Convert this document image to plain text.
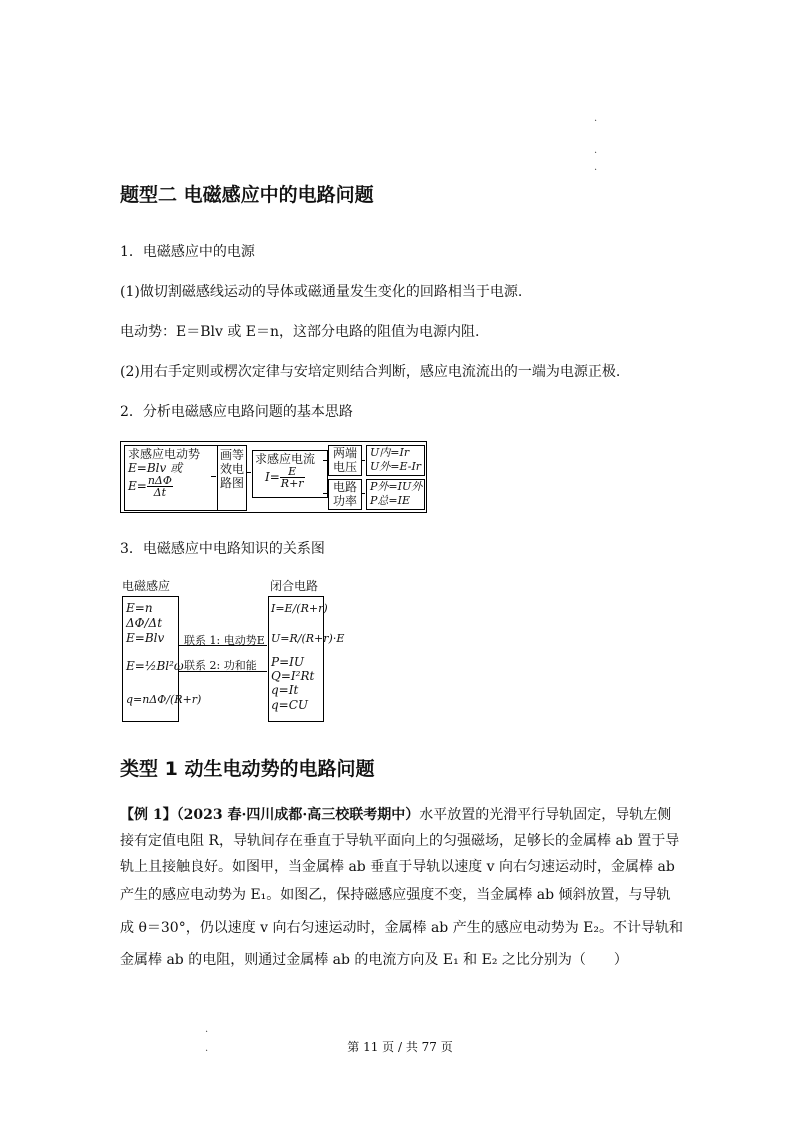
·
·
·
·
·
题型二 电磁感应中的电路问题
1．电磁感应中的电源
(1)做切割磁感线运动的导体或磁通量发生变化的回路相当于电源.
电动势：E＝Blv 或 E＝n，这部分电路的阻值为电源内阻.
(2)用右手定则或楞次定律与安培定则结合判断，感应电流流出的一端为电源正极.
2．分析电磁感应电路问题的基本思路
求感应电动势
E=Blv 或
$E= \frac{\text{nΔΦ}}{\Delta t}$
画等
效电
路图
求感应电流
$I= \frac{E}{R+r}$
两端
电压
电路
功率
U内=Ir
U外=E-Ir
P外=IU外
P总=IE
3．电磁感应中电路知识的关系图
电磁感应	闭合电路
E=n ΔΦ/Δt
E=Blv
E=½Bl²ω
q=nΔΦ/(R+r)
I=E/(R+r)
U=R/(R+r)·E
P=IU
Q=I²Rt
q=It
q=CU
联系 1: 电动势E
联系 2: 功和能
类型 1 动生电动势的电路问题
【例 1】（2023 春·四川成都·高三校联考期中）水平放置的光滑平行导轨固定，导轨左侧
接有定值电阻 R，导轨间存在垂直于导轨平面向上的匀强磁场，足够长的金属棒 ab 置于导
轨上且接触良好。如图甲，当金属棒 ab 垂直于导轨以速度 v 向右匀速运动时，金属棒 ab
产生的感应电动势为 E₁。如图乙，保持磁感应强度不变，当金属棒 ab 倾斜放置，与导轨
成 θ＝30°，仍以速度 v 向右匀速运动时，金属棒 ab 产生的感应电动势为 E₂。不计导轨和
金属棒 ab 的电阻，则通过金属棒 ab 的电流方向及 E₁ 和 E₂ 之比分别为（　　）
第 11 页 / 共 77 页
